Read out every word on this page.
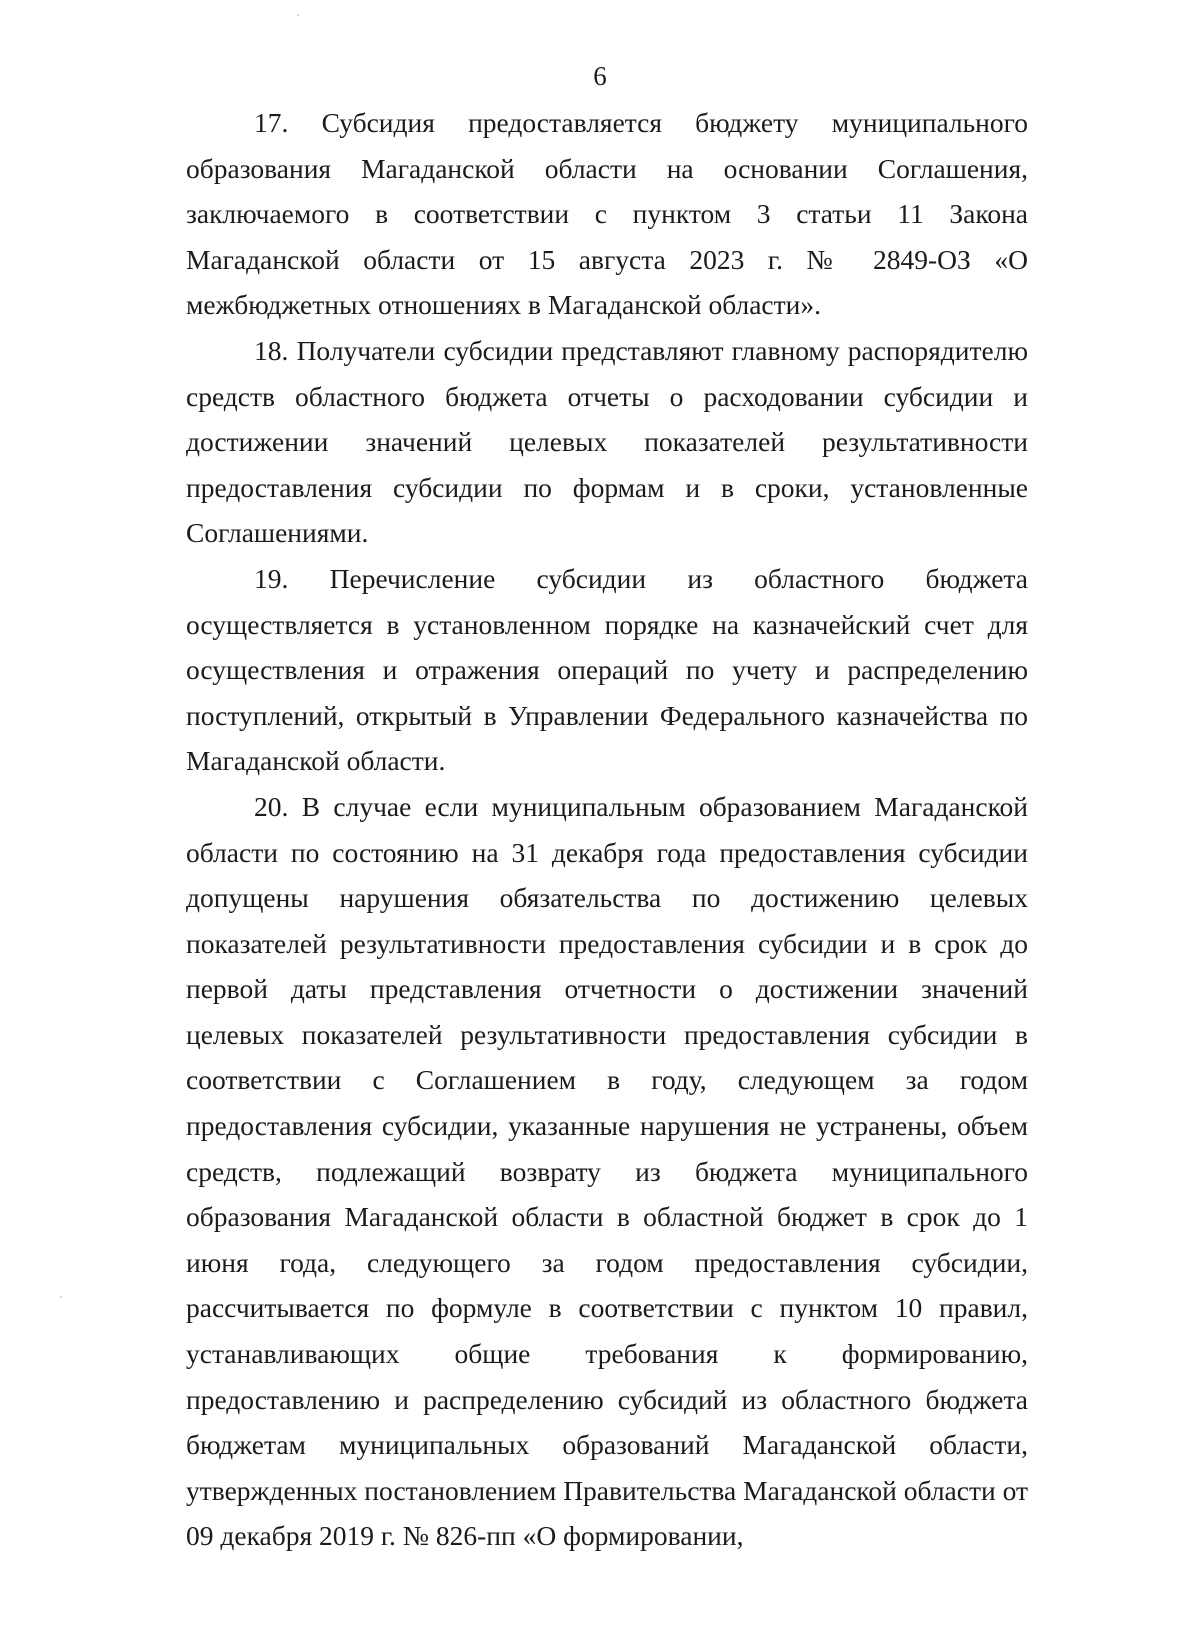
6

17. Субсидия предоставляется бюджету муниципального образования Магаданской области на основании Соглашения, заключаемого в соответствии с пунктом 3 статьи 11 Закона Магаданской области от 15 августа 2023 г. № 2849-ОЗ «О межбюджетных отношениях в Магаданской области».

18. Получатели субсидии представляют главному распорядителю средств областного бюджета отчеты о расходовании субсидии и достижении значений целевых показателей результативности предоставления субсидии по формам и в сроки, установленные Соглашениями.

19. Перечисление субсидии из областного бюджета осуществляется в установленном порядке на казначейский счет для осуществления и отражения операций по учету и распределению поступлений, открытый в Управлении Федерального казначейства по Магаданской области.

20. В случае если муниципальным образованием Магаданской области по состоянию на 31 декабря года предоставления субсидии допущены нарушения обязательства по достижению целевых показателей результативности предоставления субсидии и в срок до первой даты представления отчетности о достижении значений целевых показателей результативности предоставления субсидии в соответствии с Соглашением в году, следующем за годом предоставления субсидии, указанные нарушения не устранены, объем средств, подлежащий возврату из бюджета муниципального образования Магаданской области в областной бюджет в срок до 1 июня года, следующего за годом предоставления субсидии, рассчитывается по формуле в соответствии с пунктом 10 правил, устанавливающих общие требования к формированию, предоставлению и распределению субсидий из областного бюджета бюджетам муниципальных образований Магаданской области, утвержденных постановлением Правительства Магаданской области от 09 декабря 2019 г. № 826-пп «О формировании,
